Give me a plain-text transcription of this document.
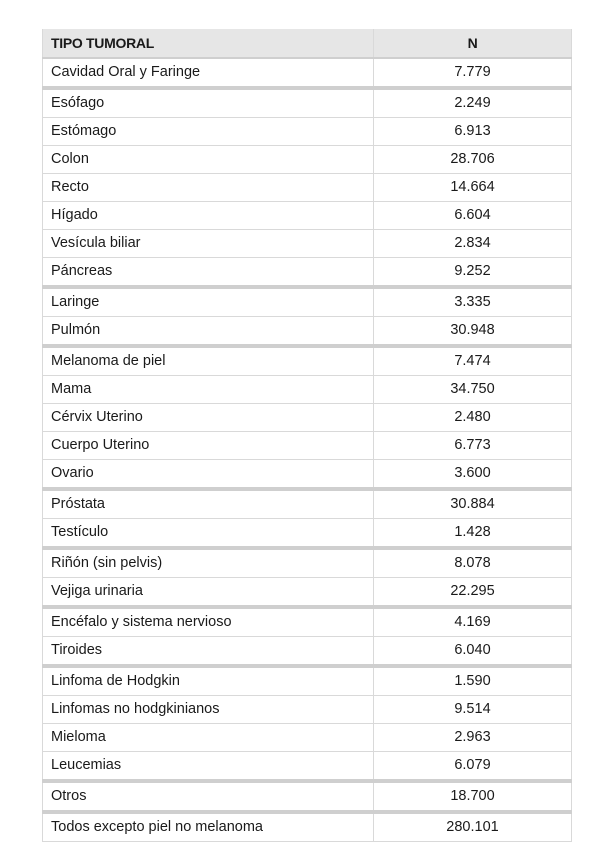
TIPO TUMORAL	N
Cavidad Oral y Faringe	7.779
Esófago	2.249
Estómago	6.913
Colon	28.706
Recto	14.664
Hígado	6.604
Vesícula biliar	2.834
Páncreas	9.252
Laringe	3.335
Pulmón	30.948
Melanoma de piel	7.474
Mama	34.750
Cérvix Uterino	2.480
Cuerpo Uterino	6.773
Ovario	3.600
Próstata	30.884
Testículo	1.428
Riñón (sin pelvis)	8.078
Vejiga urinaria	22.295
Encéfalo y sistema nervioso	4.169
Tiroides	6.040
Linfoma de Hodgkin	1.590
Linfomas no hodgkinianos	9.514
Mieloma	2.963
Leucemias	6.079
Otros	18.700
Todos excepto piel no melanoma	280.101
